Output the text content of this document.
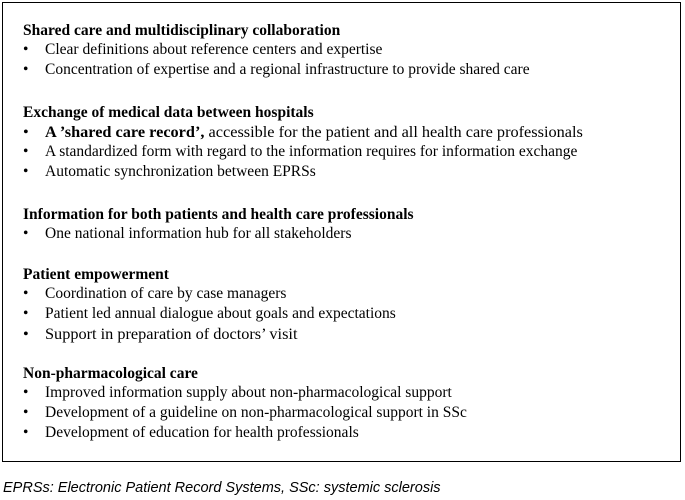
Shared care and multidisciplinary collaboration
• Clear definitions about reference centers and expertise
• Concentration of expertise and a regional infrastructure to provide shared care
Exchange of medical data between hospitals
• A ’shared care record’, accessible for the patient and all health care professionals
• A standardized form with regard to the information requires for information exchange
• Automatic synchronization between EPRSs
Information for both patients and health care professionals
• One national information hub for all stakeholders
Patient empowerment
• Coordination of care by case managers
• Patient led annual dialogue about goals and expectations
• Support in preparation of doctors’ visit
Non-pharmacological care
• Improved information supply about non-pharmacological support
• Development of a guideline on non-pharmacological support in SSc
• Development of education for health professionals
EPRSs: Electronic Patient Record Systems, SSc: systemic sclerosis
